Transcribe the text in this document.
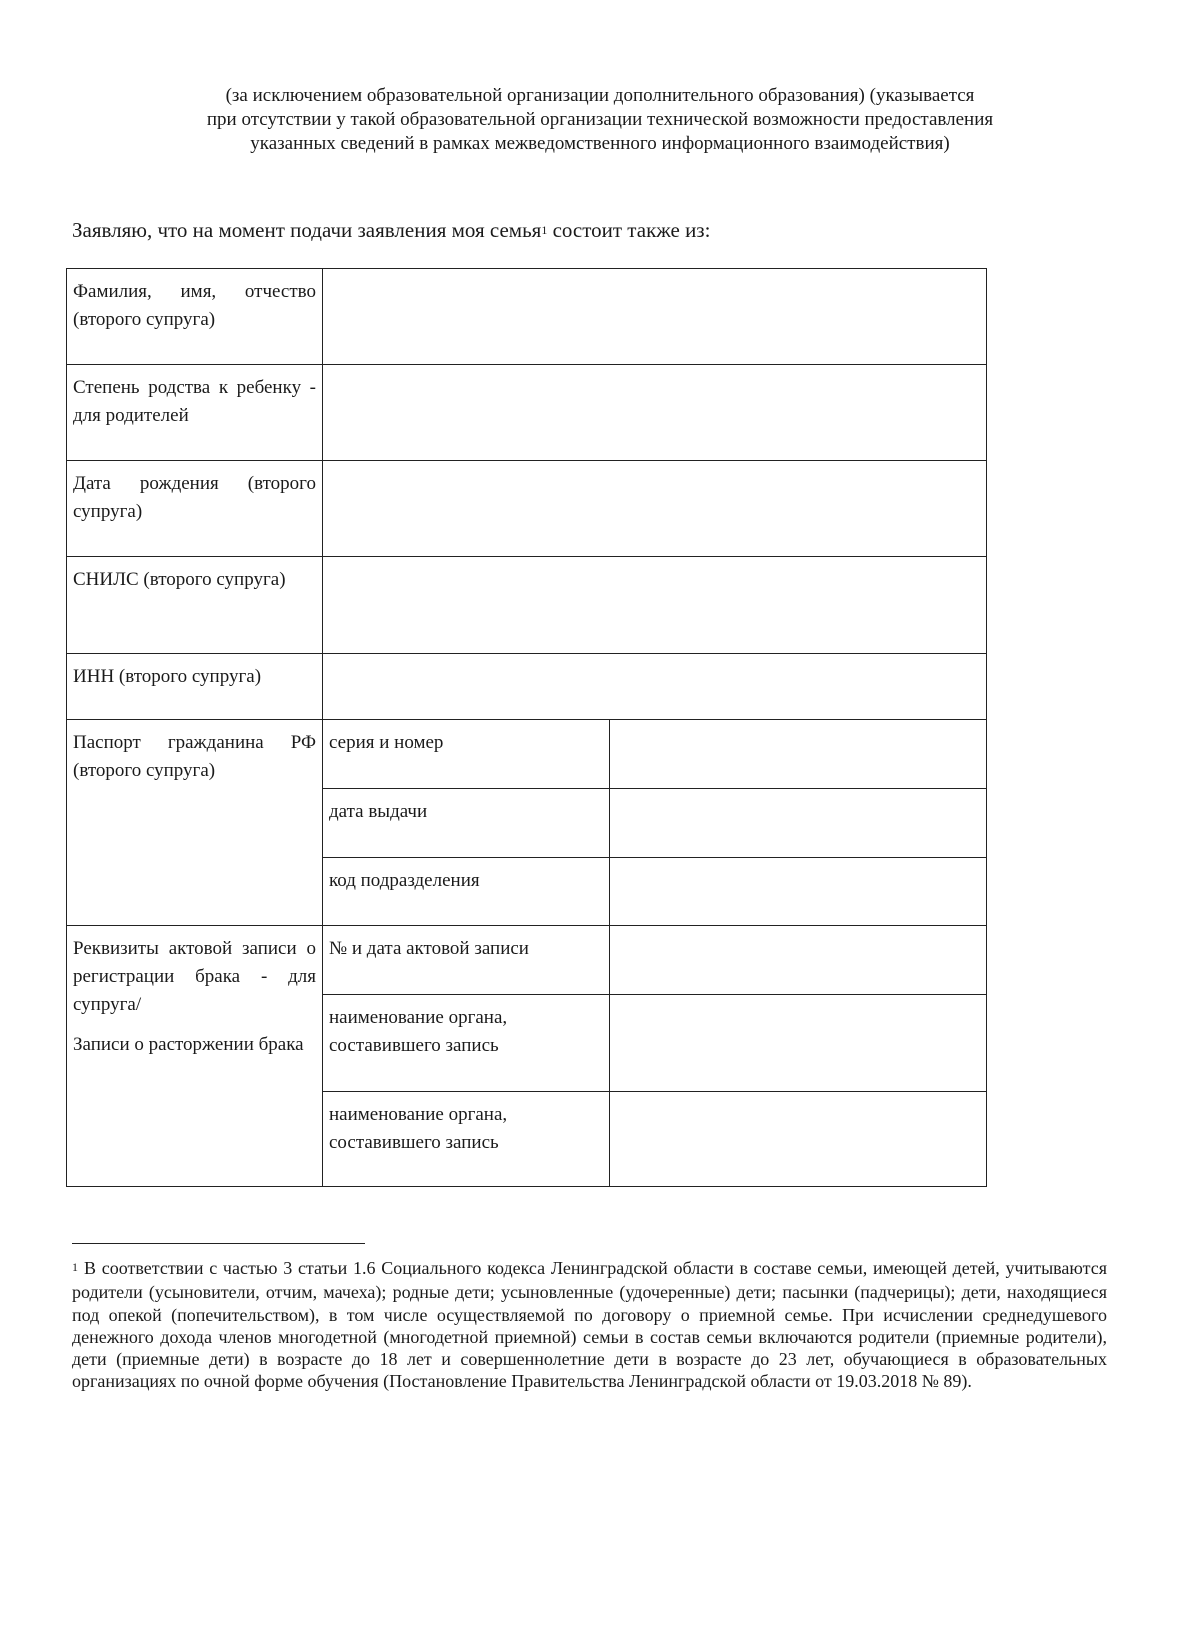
(за исключением образовательной организации дополнительного образования) (указывается
при отсутствии у такой образовательной организации технической возможности предоставления
указанных сведений в рамках межведомственного информационного взаимодействия)
Заявляю, что на момент подачи заявления моя семья$^1$ состоит также из:
Фамилия, имя, отчество (второго супруга)		
Степень родства к ребенку - для родителей		
Дата рождения (второго супруга)		
СНИЛС (второго супруга)		
ИНН (второго супруга)		
Паспорт гражданина РФ (второго супруга)	серия и номер	
	дата выдачи	
	код подразделения	

Реквизиты актовой записи о регистрации брака - для супруга/

Записи о расторжении брака	№ и дата актовой записи	
	наименование органа, составившего запись	
	наименование органа, составившего запись	
$^1$ В соответствии с частью 3 статьи 1.6 Социального кодекса Ленинградской области в составе семьи, имеющей детей, учитываются родители (усыновители, отчим, мачеха); родные дети; усыновленные (удочеренные) дети; пасынки (падчерицы); дети, находящиеся под опекой (попечительством), в том числе осуществляемой по договору о приемной семье. При исчислении среднедушевого денежного дохода членов многодетной (многодетной приемной) семьи в состав семьи включаются родители (приемные родители), дети (приемные дети) в возрасте до 18 лет и совершеннолетние дети в возрасте до 23 лет, обучающиеся в образовательных организациях по очной форме обучения (Постановление Правительства Ленинградской области от 19.03.2018 № 89).
